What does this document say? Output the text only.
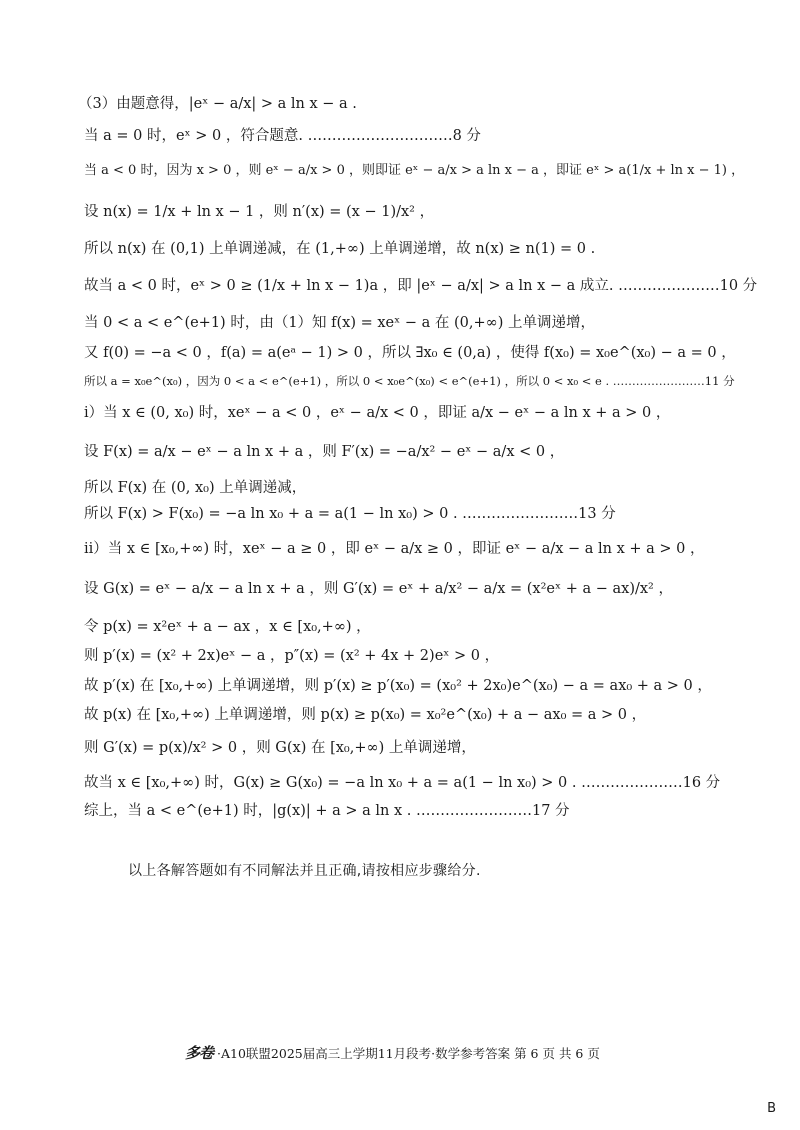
（3）由题意得，|eˣ − a/x| > a ln x − a .
当 a = 0 时，eˣ > 0 ，符合题意. …………………………8 分
当 a < 0 时，因为 x > 0 ，则 eˣ − a/x > 0 ，则即证 eˣ − a/x > a ln x − a ，即证 eˣ > a(1/x + ln x − 1) ，
设 n(x) = 1/x + ln x − 1 ，则 n′(x) = (x − 1)/x² ，
所以 n(x) 在 (0,1) 上单调递减，在 (1,+∞) 上单调递增，故 n(x) ≥ n(1) = 0 .
故当 a < 0 时，eˣ > 0 ≥ (1/x + ln x − 1)a ，即 |eˣ − a/x| > a ln x − a 成立. …………………10 分
当 0 < a < e^(e+1) 时，由（1）知 f(x) = xeˣ − a 在 (0,+∞) 上单调递增，
又 f(0) = −a < 0 ，f(a) = a(eᵃ − 1) > 0 ，所以 ∃x₀ ∈ (0,a) ，使得 f(x₀) = x₀e^(x₀) − a = 0 ，
所以 a = x₀e^(x₀) ，因为 0 < a < e^(e+1) ，所以 0 < x₀e^(x₀) < e^(e+1) ，所以 0 < x₀ < e . ……………………11 分
ⅰ）当 x ∈ (0, x₀) 时，xeˣ − a < 0 ，eˣ − a/x < 0 ，即证 a/x − eˣ − a ln x + a > 0 ，
设 F(x) = a/x − eˣ − a ln x + a ，则 F′(x) = −a/x² − eˣ − a/x < 0 ，
所以 F(x) 在 (0, x₀) 上单调递减，
所以 F(x) > F(x₀) = −a ln x₀ + a = a(1 − ln x₀) > 0 . ……………………13 分
ⅱ）当 x ∈ [x₀,+∞) 时，xeˣ − a ≥ 0 ，即 eˣ − a/x ≥ 0 ，即证 eˣ − a/x − a ln x + a > 0 ，
设 G(x) = eˣ − a/x − a ln x + a ，则 G′(x) = eˣ + a/x² − a/x = (x²eˣ + a − ax)/x² ，
令 p(x) = x²eˣ + a − ax ，x ∈ [x₀,+∞) ，
则 p′(x) = (x² + 2x)eˣ − a ，p″(x) = (x² + 4x + 2)eˣ > 0 ，
故 p′(x) 在 [x₀,+∞) 上单调递增，则 p′(x) ≥ p′(x₀) = (x₀² + 2x₀)e^(x₀) − a = ax₀ + a > 0 ，
故 p(x) 在 [x₀,+∞) 上单调递增，则 p(x) ≥ p(x₀) = x₀²e^(x₀) + a − ax₀ = a > 0 ，
则 G′(x) = p(x)/x² > 0 ，则 G(x) 在 [x₀,+∞) 上单调递增，
故当 x ∈ [x₀,+∞) 时，G(x) ≥ G(x₀) = −a ln x₀ + a = a(1 − ln x₀) > 0 . …………………16 分
综上，当 a < e^(e+1) 时，|g(x)| + a > a ln x . ……………………17 分
以上各解答题如有不同解法并且正确,请按相应步骤给分.
多卷 ·A10联盟2025届高三上学期11月段考·数学参考答案 第 6 页 共 6 页
B
